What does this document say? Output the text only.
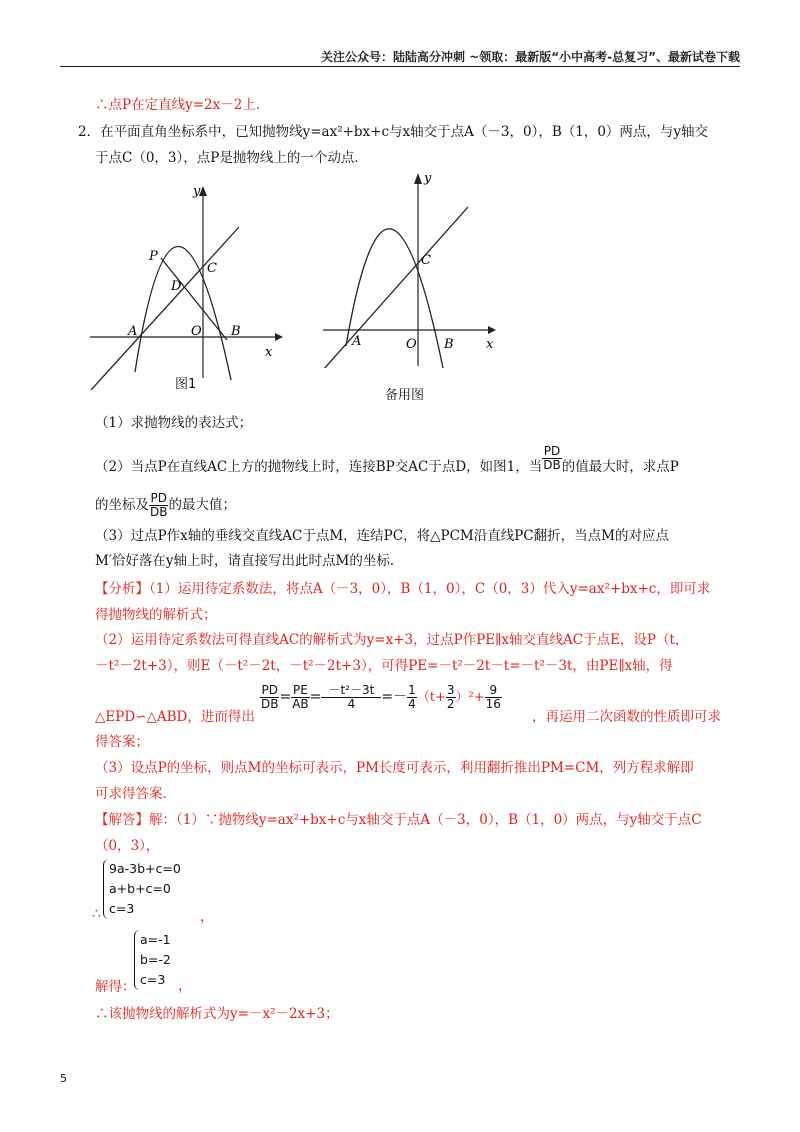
关注公众号：陆陆高分冲刺 ~领取：最新版“小中高考-总复习”、最新试卷下载
∴点P在定直线y=2x－2上．
2．在平面直角坐标系中，已知抛物线y=ax²+bx+c与x轴交于点A（－3，0），B（1，0）两点，与y轴交
于点C（0，3），点P是抛物线上的一个动点．
y
x
P
C
D
A	O B
图1
y
x
C
A	O B
备用图
（1）求抛物线的表达式；
（2）当点P在直线AC上方的抛物线上时，连接BP交AC于点D，如图1，当 $\frac{PD}{DB}$ 的值最大时，求点P
的坐标及 $\frac{PD}{DB}$ 的最大值；
（3）过点P作x轴的垂线交直线AC于点M，连结PC，将△PCM沿直线PC翻折，当点M的对应点
M′恰好落在y轴上时，请直接写出此时点M的坐标．
【分析】（1）运用待定系数法，将点A（－3，0），B（1，0），C（0，3）代入y=ax²+bx+c，即可求
得抛物线的解析式；
（2）运用待定系数法可得直线AC的解析式为y=x+3，过点P作PE∥x轴交直线AC于点E，设P（t，
－t²－2t+3），则E（－t²－2t，－t²－2t+3），可得PE=－t²－2t－t=－t²－3t，由PE∥x轴，得
$\frac{PD}{DB} = \frac{PE}{AB} = \frac{\text{－t²－3t}}{4} =- \frac{1}{4} (t+ \frac{3}{2} )^2+ \frac{9}{16}$
△EPD∽△ABD，进而得出	，再运用二次函数的性质即可求
得答案；
（3）设点P的坐标，则点M的坐标可表示，PM长度可表示，利用翻折推出PM=CM，列方程求解即
可求得答案．
【解答】解：（1）∵抛物线y=ax²+bx+c与x轴交于点A（－3，0），B（1，0）两点，与y轴交于点C
（0，3），
9a-3b+c=0
a+b+c=0
c=3
∴	，
a=-1
b=-2
c=3
解得：	，
∴该抛物线的解析式为y=－x²－2x+3；
5
